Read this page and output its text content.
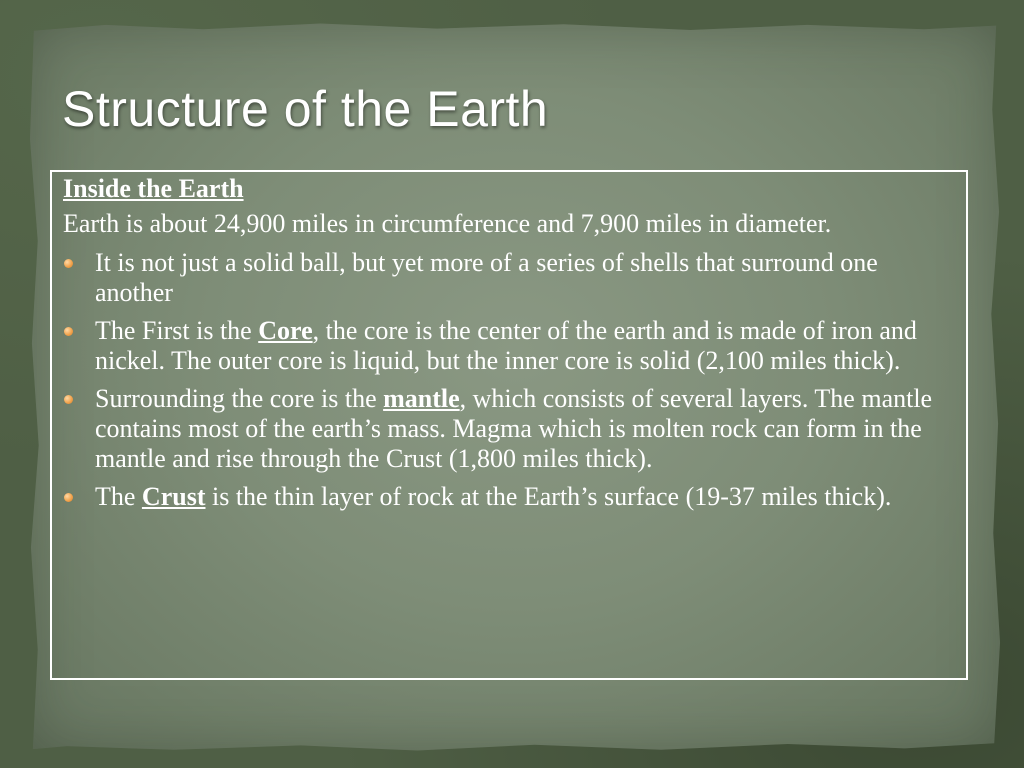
Structure of the Earth
Inside the Earth
Earth is about 24,900 miles in circumference and 7,900 miles in diameter.
It is not just a solid ball, but yet more of a series of shells that surround one another
The First is the Core, the core is the center of the earth and is made of iron and nickel. The outer core is liquid, but the inner core is solid (2,100 miles thick).
Surrounding the core is the mantle, which consists of several layers. The mantle contains most of the earth’s mass. Magma which is molten rock can form in the mantle and rise through the Crust (1,800 miles thick).
The Crust is the thin layer of rock at the Earth’s surface (19-37 miles thick).
